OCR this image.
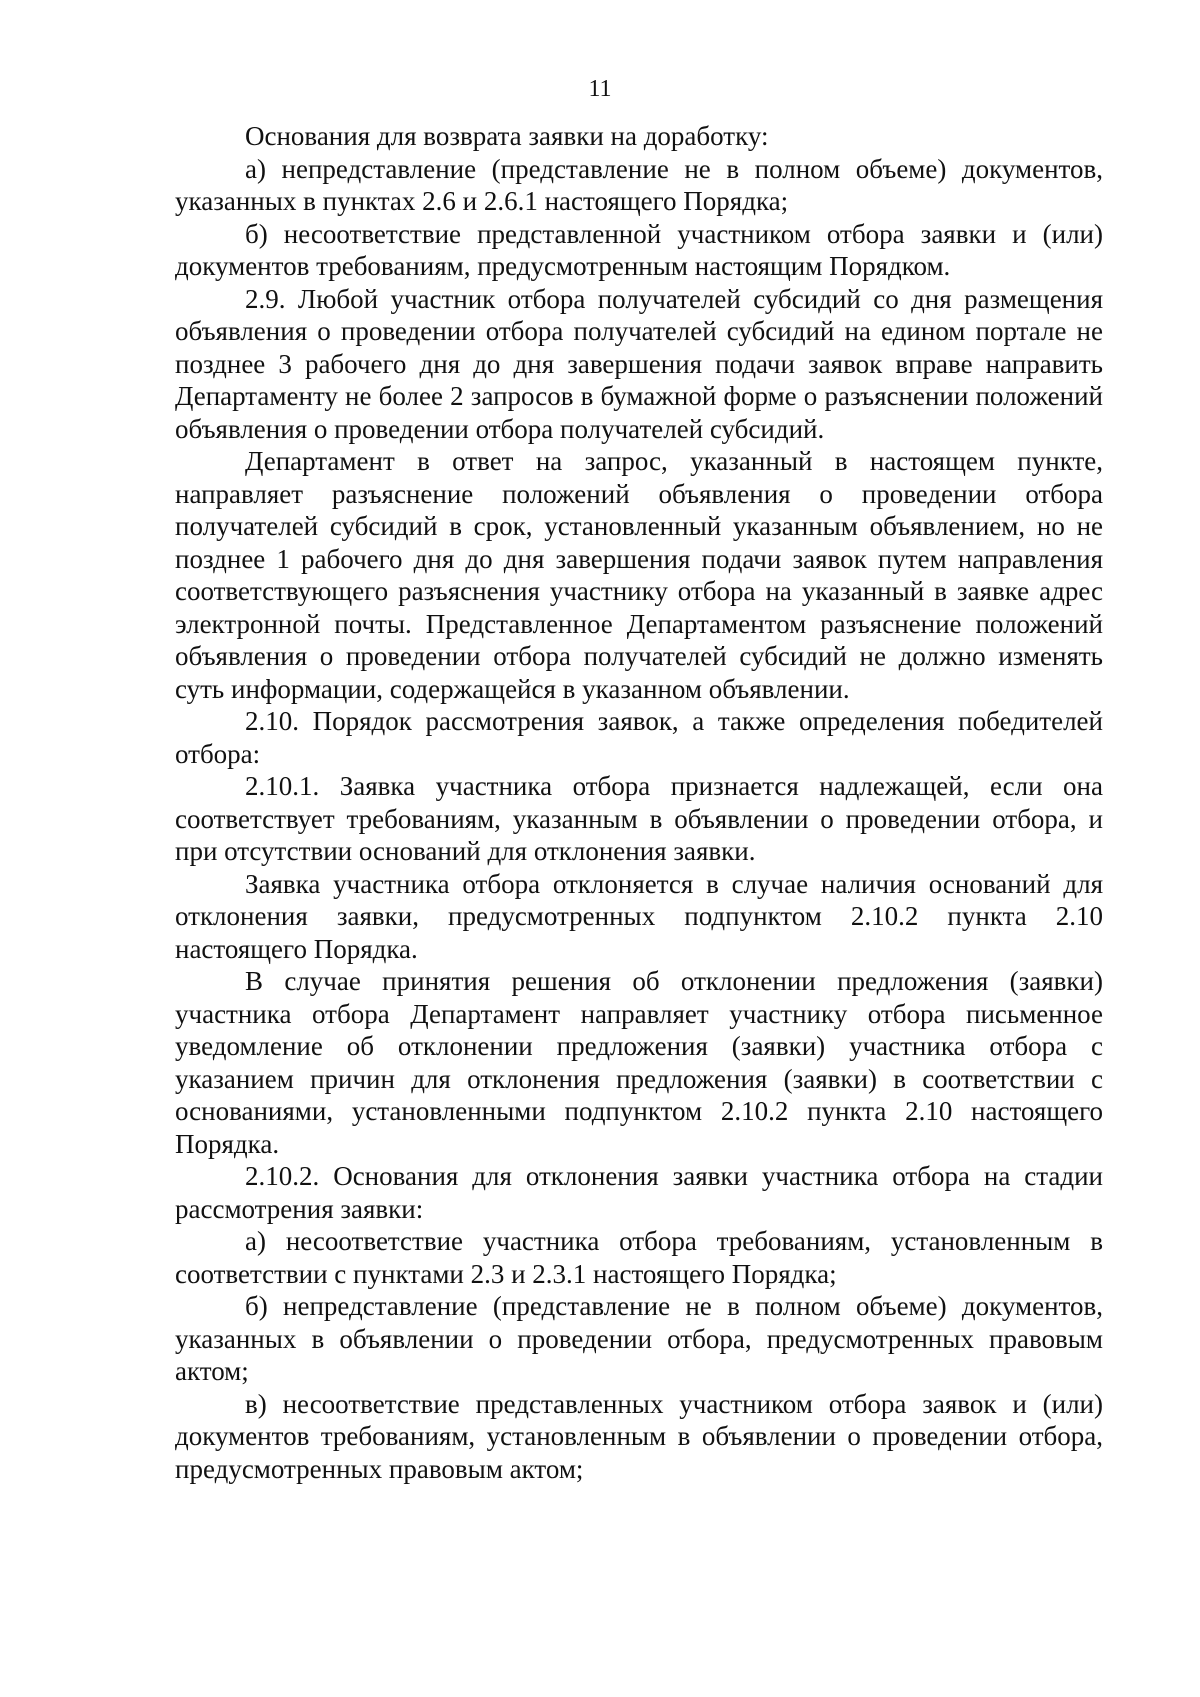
11

Основания для возврата заявки на доработку:

а) непредставление (представление не в полном объеме) документов, указанных в пунктах 2.6 и 2.6.1 настоящего Порядка;

б) несоответствие представленной участником отбора заявки и (или) документов требованиям, предусмотренным настоящим Порядком.

2.9. Любой участник отбора получателей субсидий со дня размещения объявления о проведении отбора получателей субсидий на едином портале не позднее 3 рабочего дня до дня завершения подачи заявок вправе направить Департаменту не более 2 запросов в бумажной форме о разъяснении положений объявления о проведении отбора получателей субсидий.

Департамент в ответ на запрос, указанный в настоящем пункте, направляет разъяснение положений объявления о проведении отбора получателей субсидий в срок, установленный указанным объявлением, но не позднее 1 рабочего дня до дня завершения подачи заявок путем направления соответствующего разъяснения участнику отбора на указанный в заявке адрес электронной почты. Представленное Департаментом разъяснение положений объявления о проведении отбора получателей субсидий не должно изменять суть информации, содержащейся в указанном объявлении.

2.10. Порядок рассмотрения заявок, а также определения победителей отбора:

2.10.1. Заявка участника отбора признается надлежащей, если она соответствует требованиям, указанным в объявлении о проведении отбора, и при отсутствии оснований для отклонения заявки.

Заявка участника отбора отклоняется в случае наличия оснований для отклонения заявки, предусмотренных подпунктом 2.10.2 пункта 2.10 настоящего Порядка.

В случае принятия решения об отклонении предложения (заявки) участника отбора Департамент направляет участнику отбора письменное уведомление об отклонении предложения (заявки) участника отбора с указанием причин для отклонения предложения (заявки) в соответствии с основаниями, установленными подпунктом 2.10.2 пункта 2.10 настоящего Порядка.

2.10.2. Основания для отклонения заявки участника отбора на стадии рассмотрения заявки:

а) несоответствие участника отбора требованиям, установленным в соответствии с пунктами 2.3 и 2.3.1 настоящего Порядка;

б) непредставление (представление не в полном объеме) документов, указанных в объявлении о проведении отбора, предусмотренных правовым актом;

в) несоответствие представленных участником отбора заявок и (или) документов требованиям, установленным в объявлении о проведении отбора, предусмотренных правовым актом;
